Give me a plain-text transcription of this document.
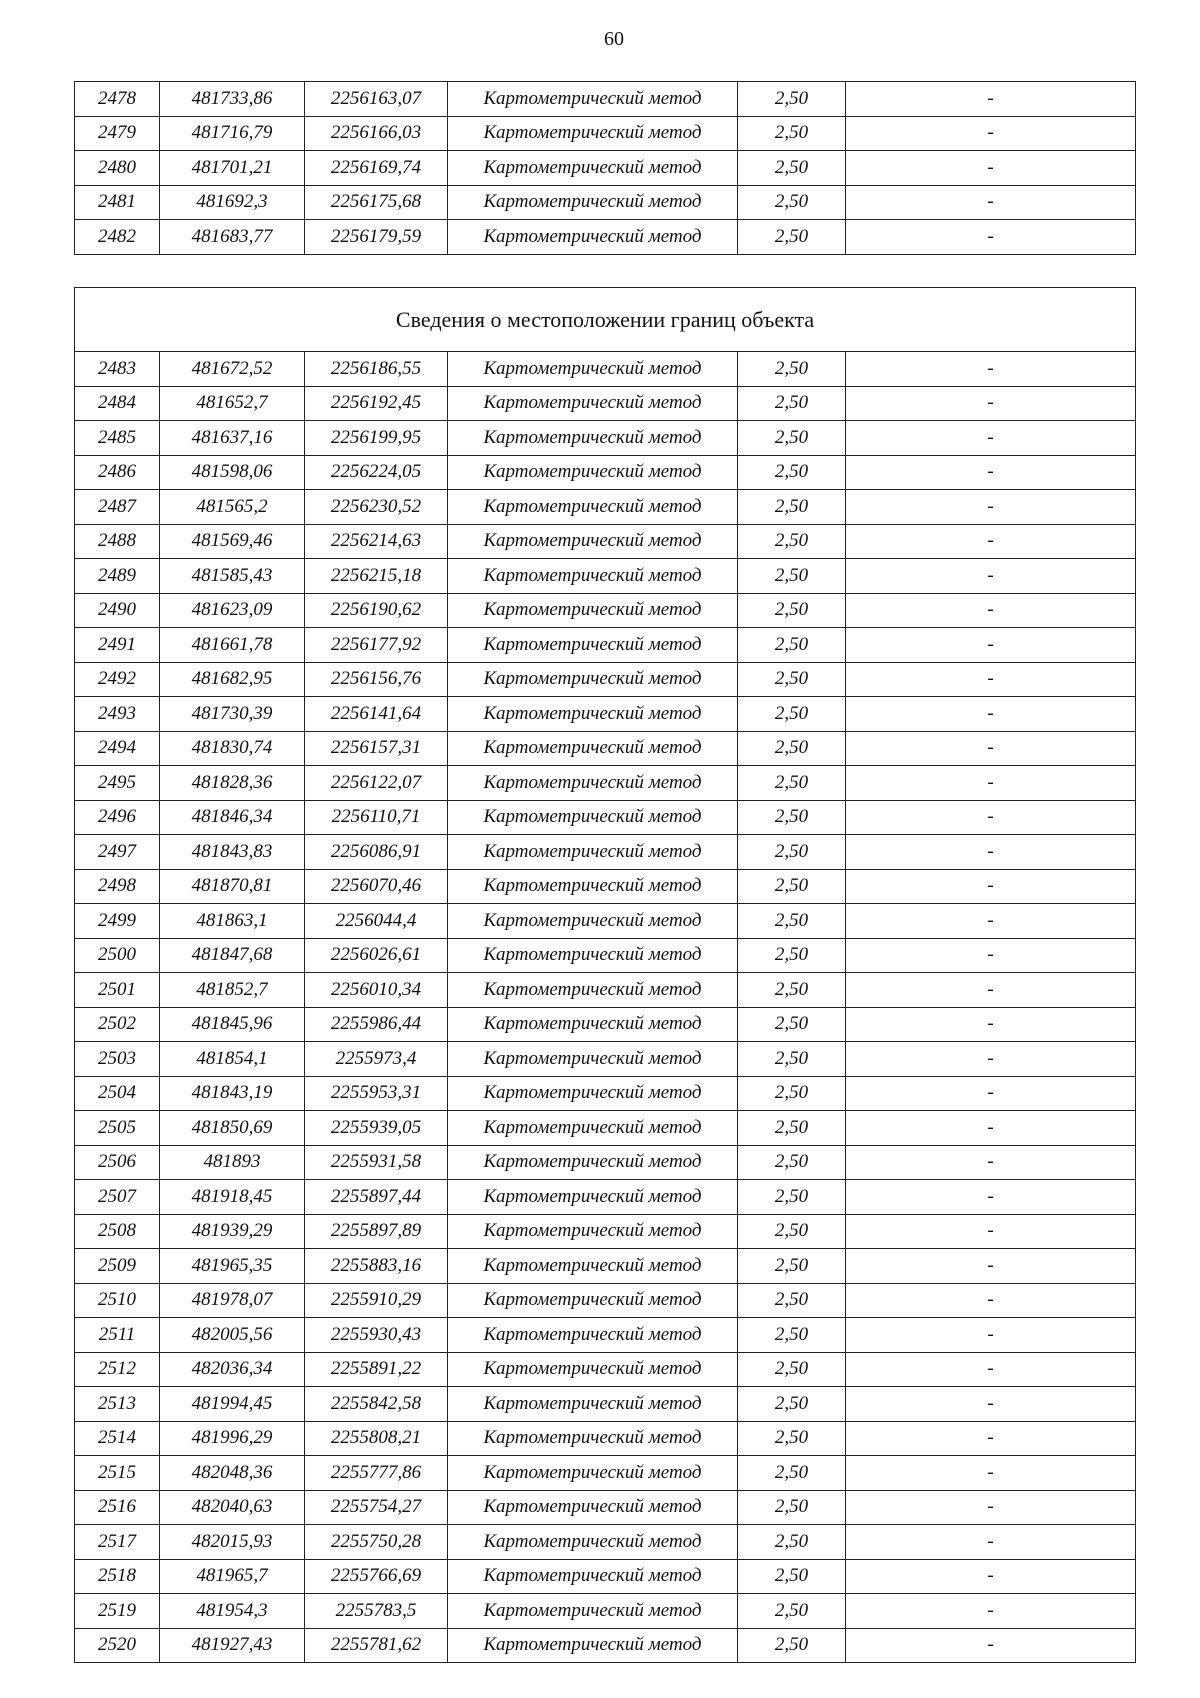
60
2478	481733,86	2256163,07	Картометрический метод	2,50	-
2479	481716,79	2256166,03	Картометрический метод	2,50	-
2480	481701,21	2256169,74	Картометрический метод	2,50	-
2481	481692,3	2256175,68	Картометрический метод	2,50	-
2482	481683,77	2256179,59	Картометрический метод	2,50	-
Сведения о местоположении границ объекта					
2483	481672,52	2256186,55	Картометрический метод	2,50	-
2484	481652,7	2256192,45	Картометрический метод	2,50	-
2485	481637,16	2256199,95	Картометрический метод	2,50	-
2486	481598,06	2256224,05	Картометрический метод	2,50	-
2487	481565,2	2256230,52	Картометрический метод	2,50	-
2488	481569,46	2256214,63	Картометрический метод	2,50	-
2489	481585,43	2256215,18	Картометрический метод	2,50	-
2490	481623,09	2256190,62	Картометрический метод	2,50	-
2491	481661,78	2256177,92	Картометрический метод	2,50	-
2492	481682,95	2256156,76	Картометрический метод	2,50	-
2493	481730,39	2256141,64	Картометрический метод	2,50	-
2494	481830,74	2256157,31	Картометрический метод	2,50	-
2495	481828,36	2256122,07	Картометрический метод	2,50	-
2496	481846,34	2256110,71	Картометрический метод	2,50	-
2497	481843,83	2256086,91	Картометрический метод	2,50	-
2498	481870,81	2256070,46	Картометрический метод	2,50	-
2499	481863,1	2256044,4	Картометрический метод	2,50	-
2500	481847,68	2256026,61	Картометрический метод	2,50	-
2501	481852,7	2256010,34	Картометрический метод	2,50	-
2502	481845,96	2255986,44	Картометрический метод	2,50	-
2503	481854,1	2255973,4	Картометрический метод	2,50	-
2504	481843,19	2255953,31	Картометрический метод	2,50	-
2505	481850,69	2255939,05	Картометрический метод	2,50	-
2506	481893	2255931,58	Картометрический метод	2,50	-
2507	481918,45	2255897,44	Картометрический метод	2,50	-
2508	481939,29	2255897,89	Картометрический метод	2,50	-
2509	481965,35	2255883,16	Картометрический метод	2,50	-
2510	481978,07	2255910,29	Картометрический метод	2,50	-
2511	482005,56	2255930,43	Картометрический метод	2,50	-
2512	482036,34	2255891,22	Картометрический метод	2,50	-
2513	481994,45	2255842,58	Картометрический метод	2,50	-
2514	481996,29	2255808,21	Картометрический метод	2,50	-
2515	482048,36	2255777,86	Картометрический метод	2,50	-
2516	482040,63	2255754,27	Картометрический метод	2,50	-
2517	482015,93	2255750,28	Картометрический метод	2,50	-
2518	481965,7	2255766,69	Картометрический метод	2,50	-
2519	481954,3	2255783,5	Картометрический метод	2,50	-
2520	481927,43	2255781,62	Картометрический метод	2,50	-
